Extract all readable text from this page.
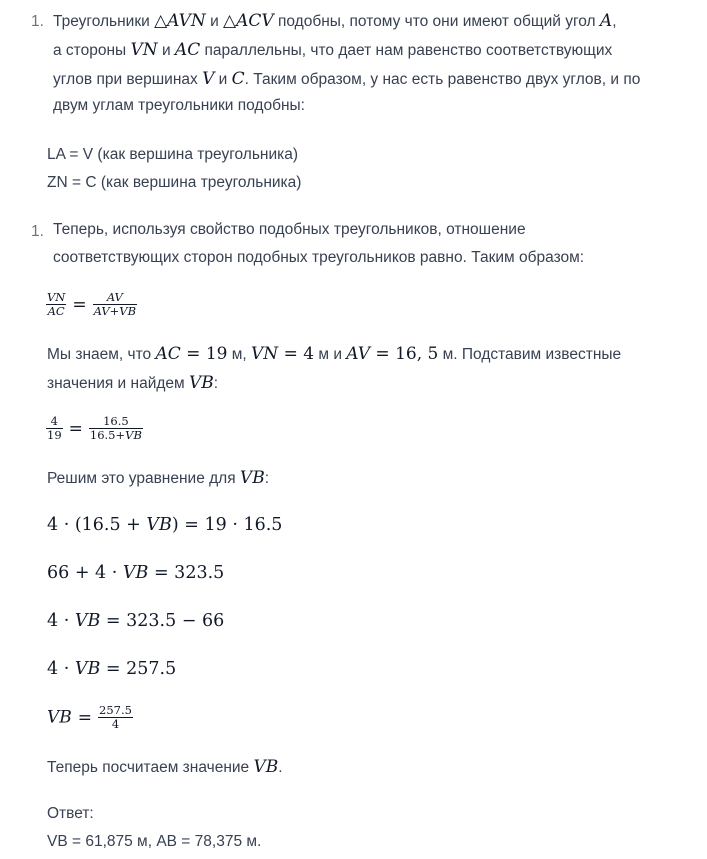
1. Треугольники △AVN и △ACV подобны, потому что они имеют общий угол A,
а стороны VN и AC параллельны, что дает нам равенство соответствующих
углов при вершинах V и C. Таким образом, у нас есть равенство двух углов, и по
двум углам треугольники подобны:
LA = V (как вершина треугольника)
ZN = C (как вершина треугольника)
1. Теперь, используя свойство подобных треугольников, отношение
соответствующих сторон подобных треугольников равно. Таким образом:
$\frac{VN}{AC} = \frac{AV}{AV+VB}$
Мы знаем, что AC = 19 м, VN = 4 м и AV = 16, 5 м. Подставим известные
значения и найдем VB:
$\frac{4}{19} = \frac{16.5}{16.5+VB}$
Решим это уравнение для VB:
4 · (16.5 + VB) = 19 · 16.5
66 + 4 · VB = 323.5
4 · VB = 323.5 − 66
4 · VB = 257.5
VB = $\frac{257.5}{4}$
Теперь посчитаем значение VB.
Ответ:
VB = 61,875 м, AB = 78,375 м.
